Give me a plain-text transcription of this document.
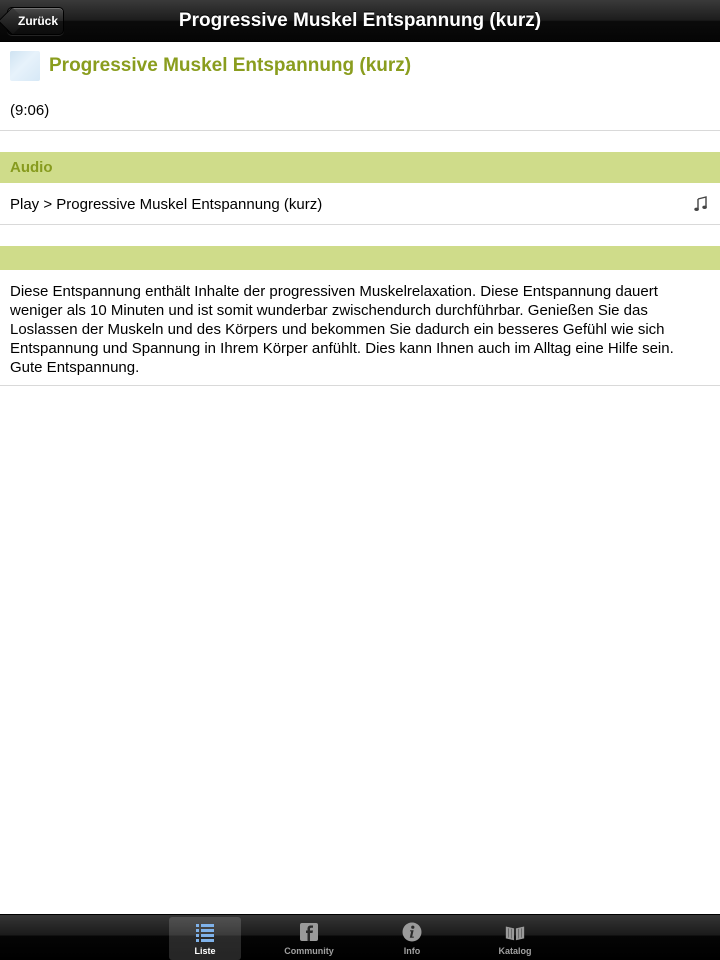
Zurück	Progressive Muskel Entspannung (kurz)
Progressive Muskel Entspannung (kurz)
(9:06)
Audio
Play > Progressive Muskel Entspannung (kurz)
Diese Entspannung enthält Inhalte der progressiven Muskelrelaxation. Diese Entspannung dauert weniger als 10 Minuten und ist somit wunderbar zwischendurch durchführbar. Genießen Sie das Loslassen der Muskeln und des Körpers und bekommen Sie dadurch ein besseres Gefühl wie sich Entspannung und Spannung in Ihrem Körper anfühlt. Dies kann Ihnen auch im Alltag eine Hilfe sein. Gute Entspannung.
Liste	Community	Info	Katalog
